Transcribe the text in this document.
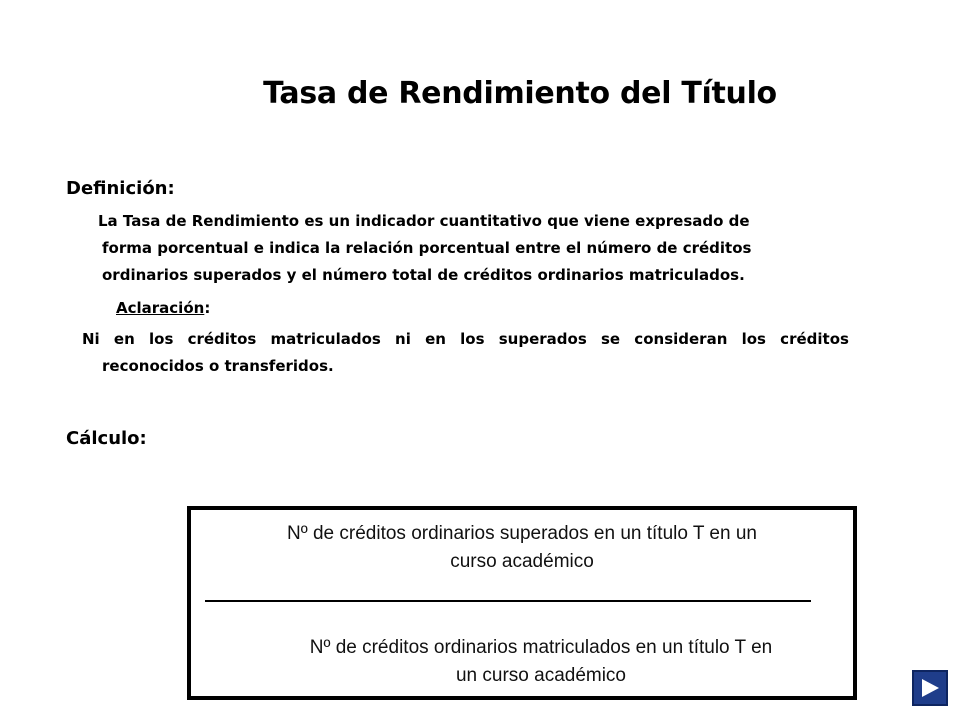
Tasa de Rendimiento del Título
Definición:
La Tasa de Rendimiento es un indicador cuantitativo que viene expresado de
forma porcentual e indica la relación porcentual entre el número de créditos
ordinarios superados y el número total de créditos ordinarios matriculados.
Aclaración:
Ni en los créditos matriculados ni en los superados se consideran los créditos
reconocidos o transferidos.
Cálculo:
Nº de créditos ordinarios superados en un título T en un
curso académico
Nº de créditos ordinarios matriculados en un título T en
un curso académico
